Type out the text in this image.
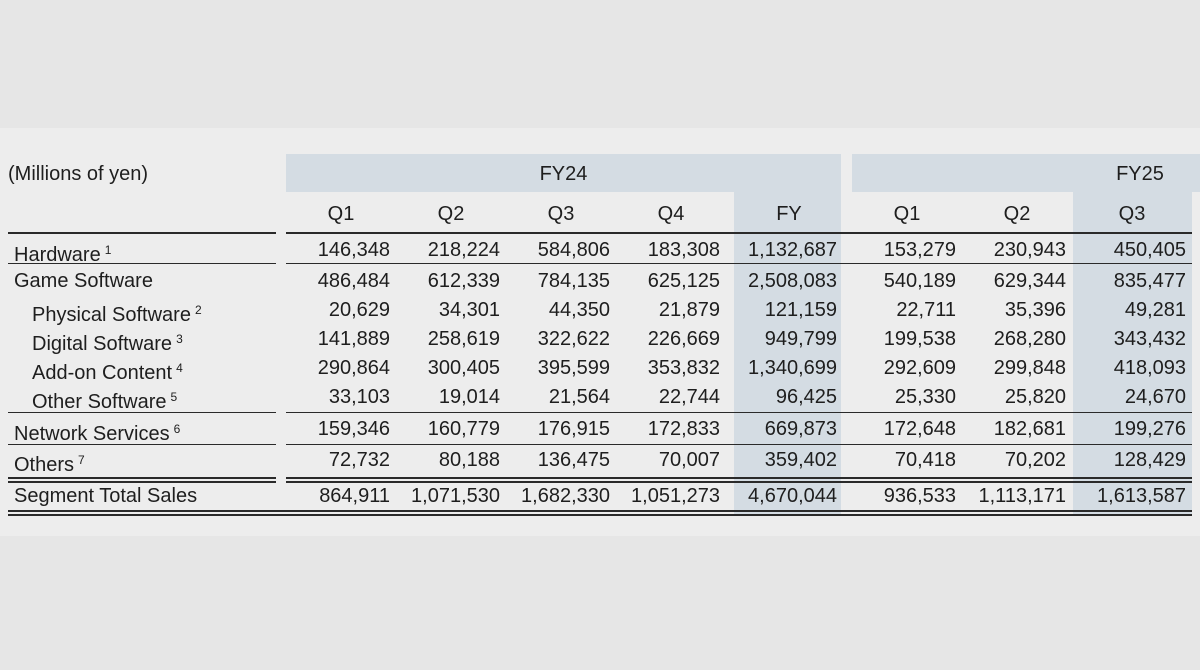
(Millions of yen)	FY24	FY25
Q1	Q2	Q3	Q4	FY	Q1	Q2	Q3
Hardware $^1$	146,348	218,224	584,806	183,308	1,132,687	153,279	230,943	450,405
Game Software	486,484	612,339	784,135	625,125	2,508,083	540,189	629,344	835,477
Physical Software $^2$	20,629	34,301	44,350	21,879	121,159	22,711	35,396	49,281
Digital Software $^3$	141,889	258,619	322,622	226,669	949,799	199,538	268,280	343,432
Add-on Content $^4$	290,864	300,405	395,599	353,832	1,340,699	292,609	299,848	418,093
Other Software $^5$	33,103	19,014	21,564	22,744	96,425	25,330	25,820	24,670
Network Services $^6$	159,346	160,779	176,915	172,833	669,873	172,648	182,681	199,276
Others $^7$	72,732	80,188	136,475	70,007	359,402	70,418	70,202	128,429
Segment Total Sales	864,911	1,071,530	1,682,330	1,051,273	4,670,044	936,533	1,113,171	1,613,587
